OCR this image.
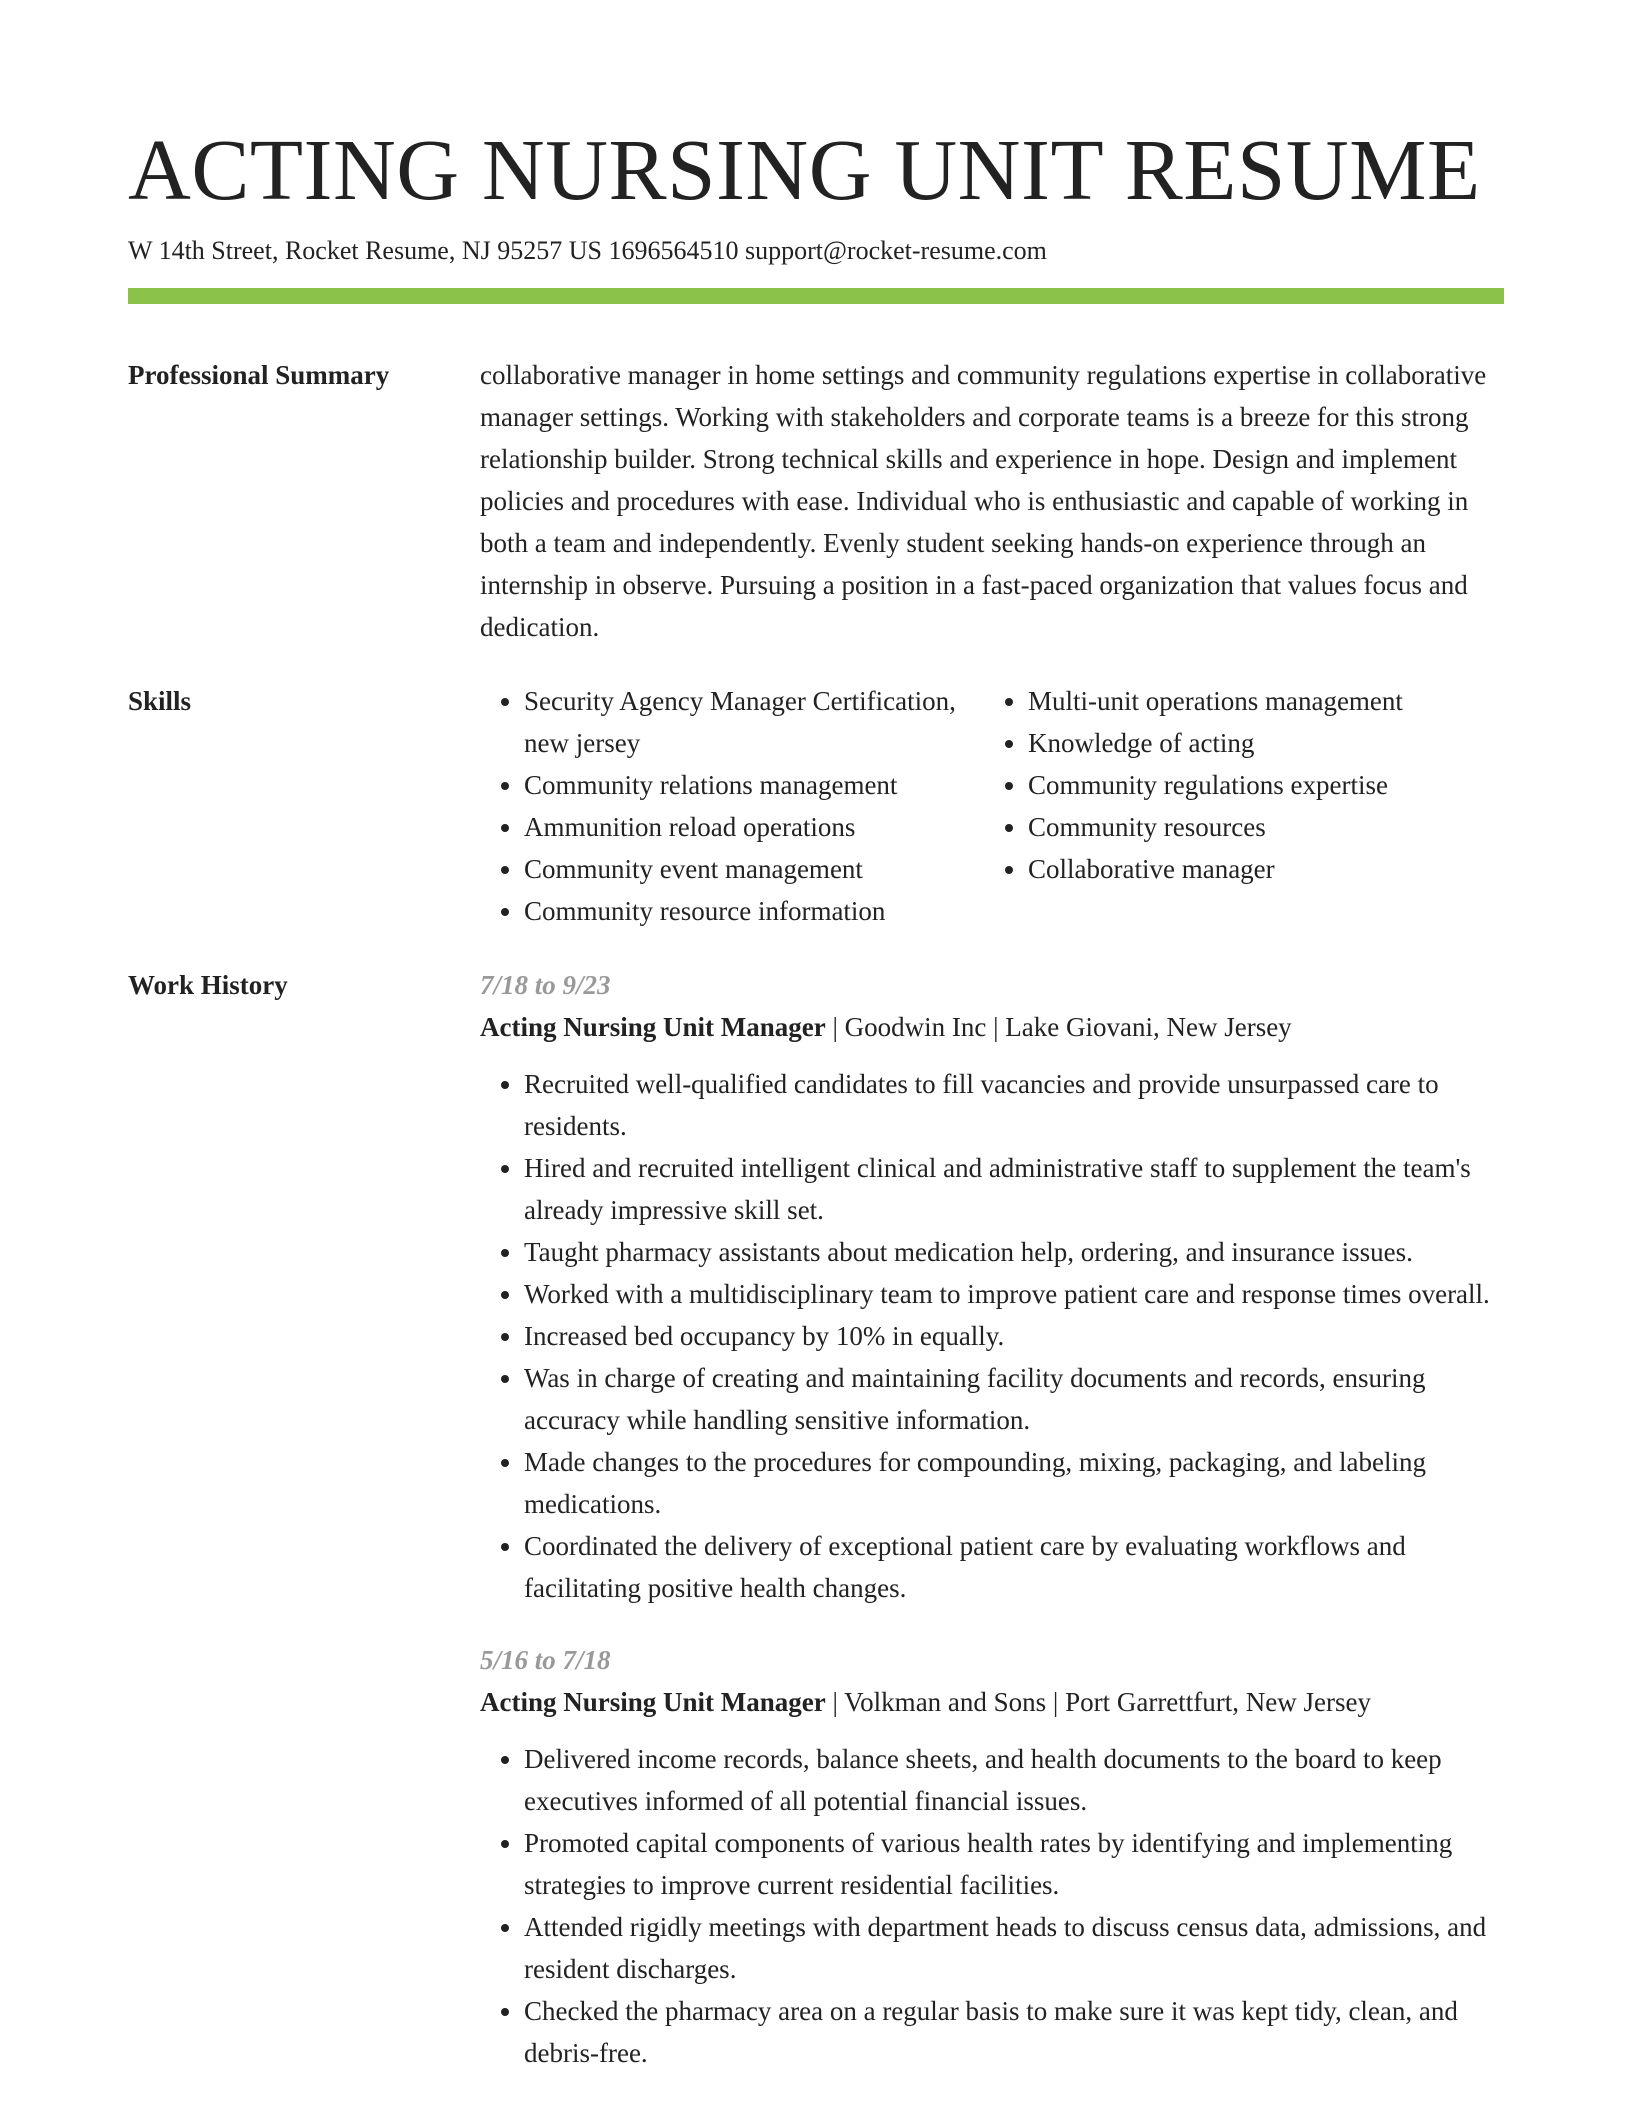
ACTING NURSING UNIT RESUME
W 14th Street, Rocket Resume, NJ 95257 US 1696564510 support@rocket-resume.com
Professional Summary	collaborative manager in home settings and community regulations expertise in collaborative manager settings. Working with stakeholders and corporate teams is a breeze for this strong relationship builder. Strong technical skills and experience in hope. Design and implement policies and procedures with ease. Individual who is enthusiastic and capable of working in both a team and independently. Evenly student seeking hands-on experience through an internship in observe. Pursuing a position in a fast-paced organization that values focus and dedication.

Skills
•	Security Agency Manager Certification, new jersey
• Community relations management
• Ammunition reload operations
• Community event management
• Community resource information
• Multi-unit operations management
• Knowledge of acting
• Community regulations expertise
• Community resources
• Collaborative manager
Work History	7/18 to 9/23
Acting Nursing Unit Manager | Goodwin Inc | Lake Giovani, New Jersey
• Recruited well-qualified candidates to fill vacancies and provide unsurpassed care to residents.
• Hired and recruited intelligent clinical and administrative staff to supplement the team's already impressive skill set.
• Taught pharmacy assistants about medication help, ordering, and insurance issues.
• Worked with a multidisciplinary team to improve patient care and response times overall.
• Increased bed occupancy by 10% in equally.
• Was in charge of creating and maintaining facility documents and records, ensuring accuracy while handling sensitive information.
• Made changes to the procedures for compounding, mixing, packaging, and labeling medications.
• Coordinated the delivery of exceptional patient care by evaluating workflows and facilitating positive health changes.
5/16 to 7/18
Acting Nursing Unit Manager | Volkman and Sons | Port Garrettfurt, New Jersey
• Delivered income records, balance sheets, and health documents to the board to keep executives informed of all potential financial issues.
• Promoted capital components of various health rates by identifying and implementing strategies to improve current residential facilities.
• Attended rigidly meetings with department heads to discuss census data, admissions, and resident discharges.
• Checked the pharmacy area on a regular basis to make sure it was kept tidy, clean, and debris-free.
